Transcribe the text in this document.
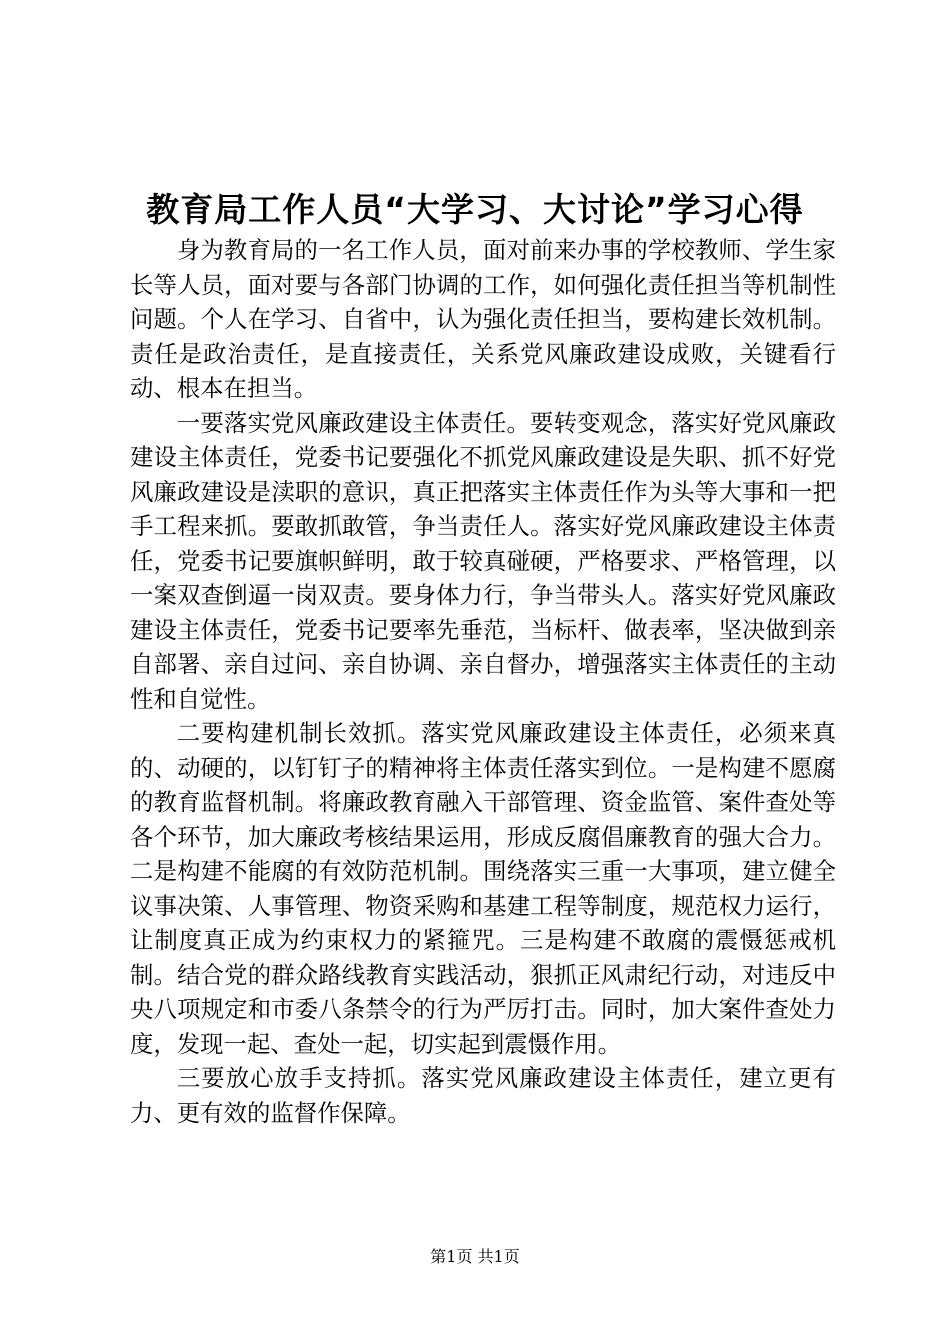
教育局工作人员“大学习、大讨论”学习心得

身为教育局的一名工作人员，面对前来办事的学校教师、学生家长等人员，面对要与各部门协调的工作，如何强化责任担当等机制性问题。个人在学习、自省中，认为强化责任担当，要构建长效机制。责任是政治责任，是直接责任，关系党风廉政建设成败，关键看行动、根本在担当。

一要落实党风廉政建设主体责任。要转变观念，落实好党风廉政建设主体责任，党委书记要强化不抓党风廉政建设是失职、抓不好党风廉政建设是渎职的意识，真正把落实主体责任作为头等大事和一把手工程来抓。要敢抓敢管，争当责任人。落实好党风廉政建设主体责任，党委书记要旗帜鲜明，敢于较真碰硬，严格要求、严格管理，以一案双查倒逼一岗双责。要身体力行，争当带头人。落实好党风廉政建设主体责任，党委书记要率先垂范，当标杆、做表率，坚决做到亲自部署、亲自过问、亲自协调、亲自督办，增强落实主体责任的主动性和自觉性。

二要构建机制长效抓。落实党风廉政建设主体责任，必须来真的、动硬的，以钉钉子的精神将主体责任落实到位。一是构建不愿腐的教育监督机制。将廉政教育融入干部管理、资金监管、案件查处等各个环节，加大廉政考核结果运用，形成反腐倡廉教育的强大合力。二是构建不能腐的有效防范机制。围绕落实三重一大事项，建立健全议事决策、人事管理、物资采购和基建工程等制度，规范权力运行，让制度真正成为约束权力的紧箍咒。三是构建不敢腐的震慑惩戒机制。结合党的群众路线教育实践活动，狠抓正风肃纪行动，对违反中央八项规定和市委八条禁令的行为严厉打击。同时，加大案件查处力度，发现一起、查处一起，切实起到震慑作用。

三要放心放手支持抓。落实党风廉政建设主体责任，建立更有力、更有效的监督作保障。

第1页 共1页
